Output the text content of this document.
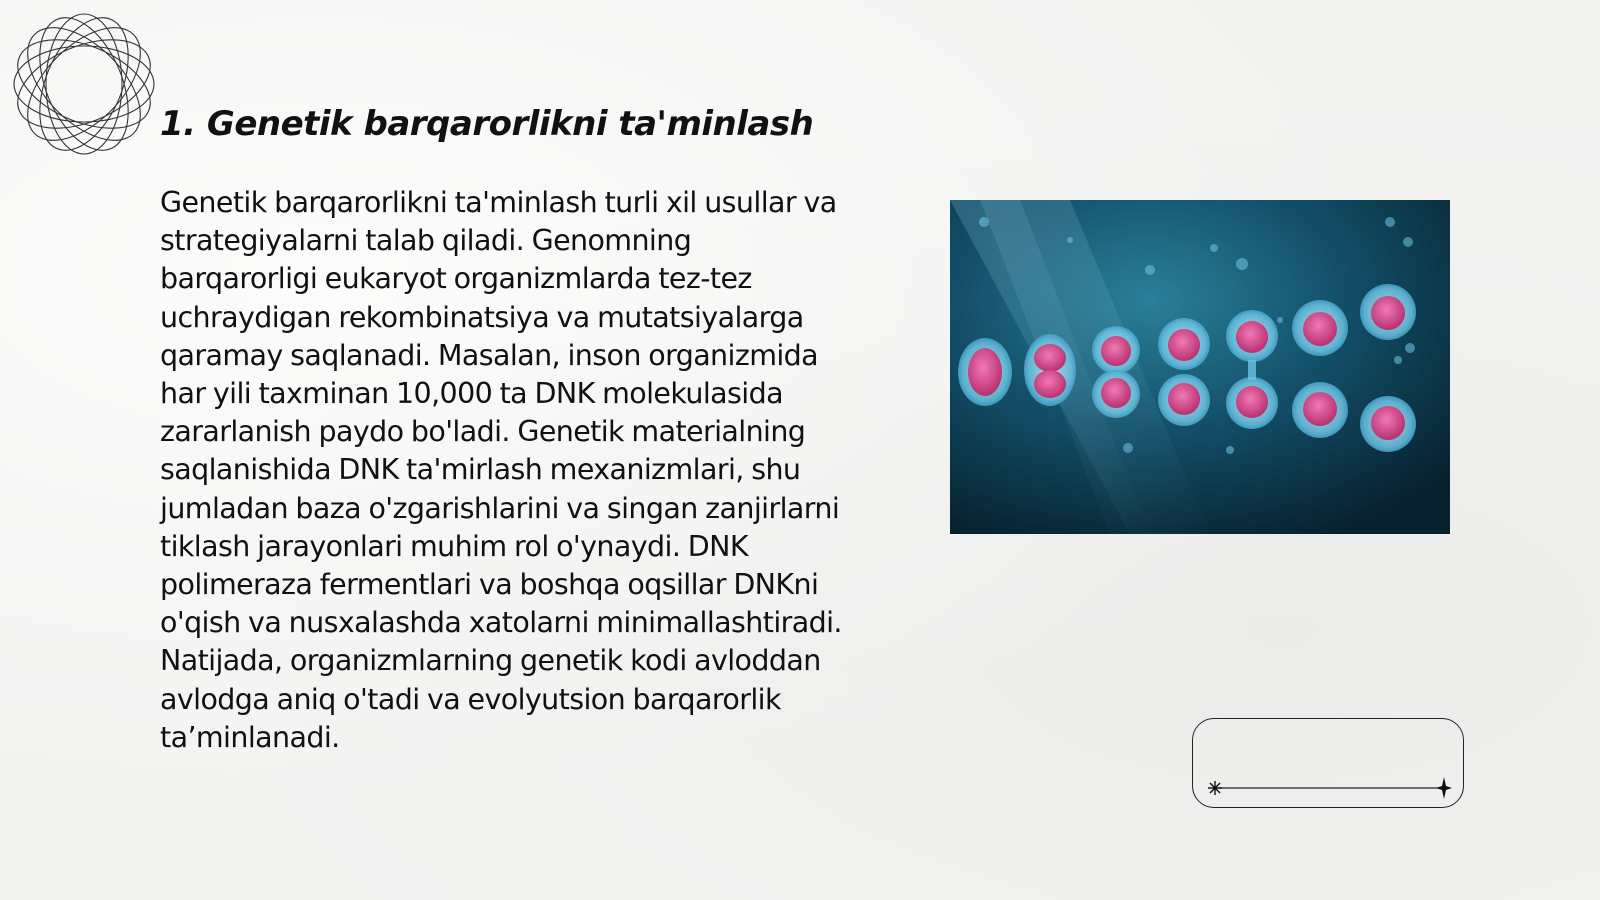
1. Genetik barqarorlikni ta'minlash

Genetik barqarorlikni ta'minlash turli xil usullar va strategiyalarni talab qiladi. Genomning barqarorligi eukaryot organizmlarda tez-tez uchraydigan rekombinatsiya va mutatsiyalarga qaramay saqlanadi. Masalan, inson organizmida har yili taxminan 10,000 ta DNK molekulasida zararlanish paydo bo'ladi. Genetik materialning saqlanishida DNK ta'mirlash mexanizmlari, shu jumladan baza o'zgarishlarini va singan zanjirlarni tiklash jarayonlari muhim rol o'ynaydi. DNK polimeraza fermentlari va boshqa oqsillar DNKni o'qish va nusxalashda xatolarni minimallashtiradi. Natijada, organizmlarning genetik kodi avloddan avlodga aniq o'tadi va evolyutsion barqarorlik ta’minlanadi.
